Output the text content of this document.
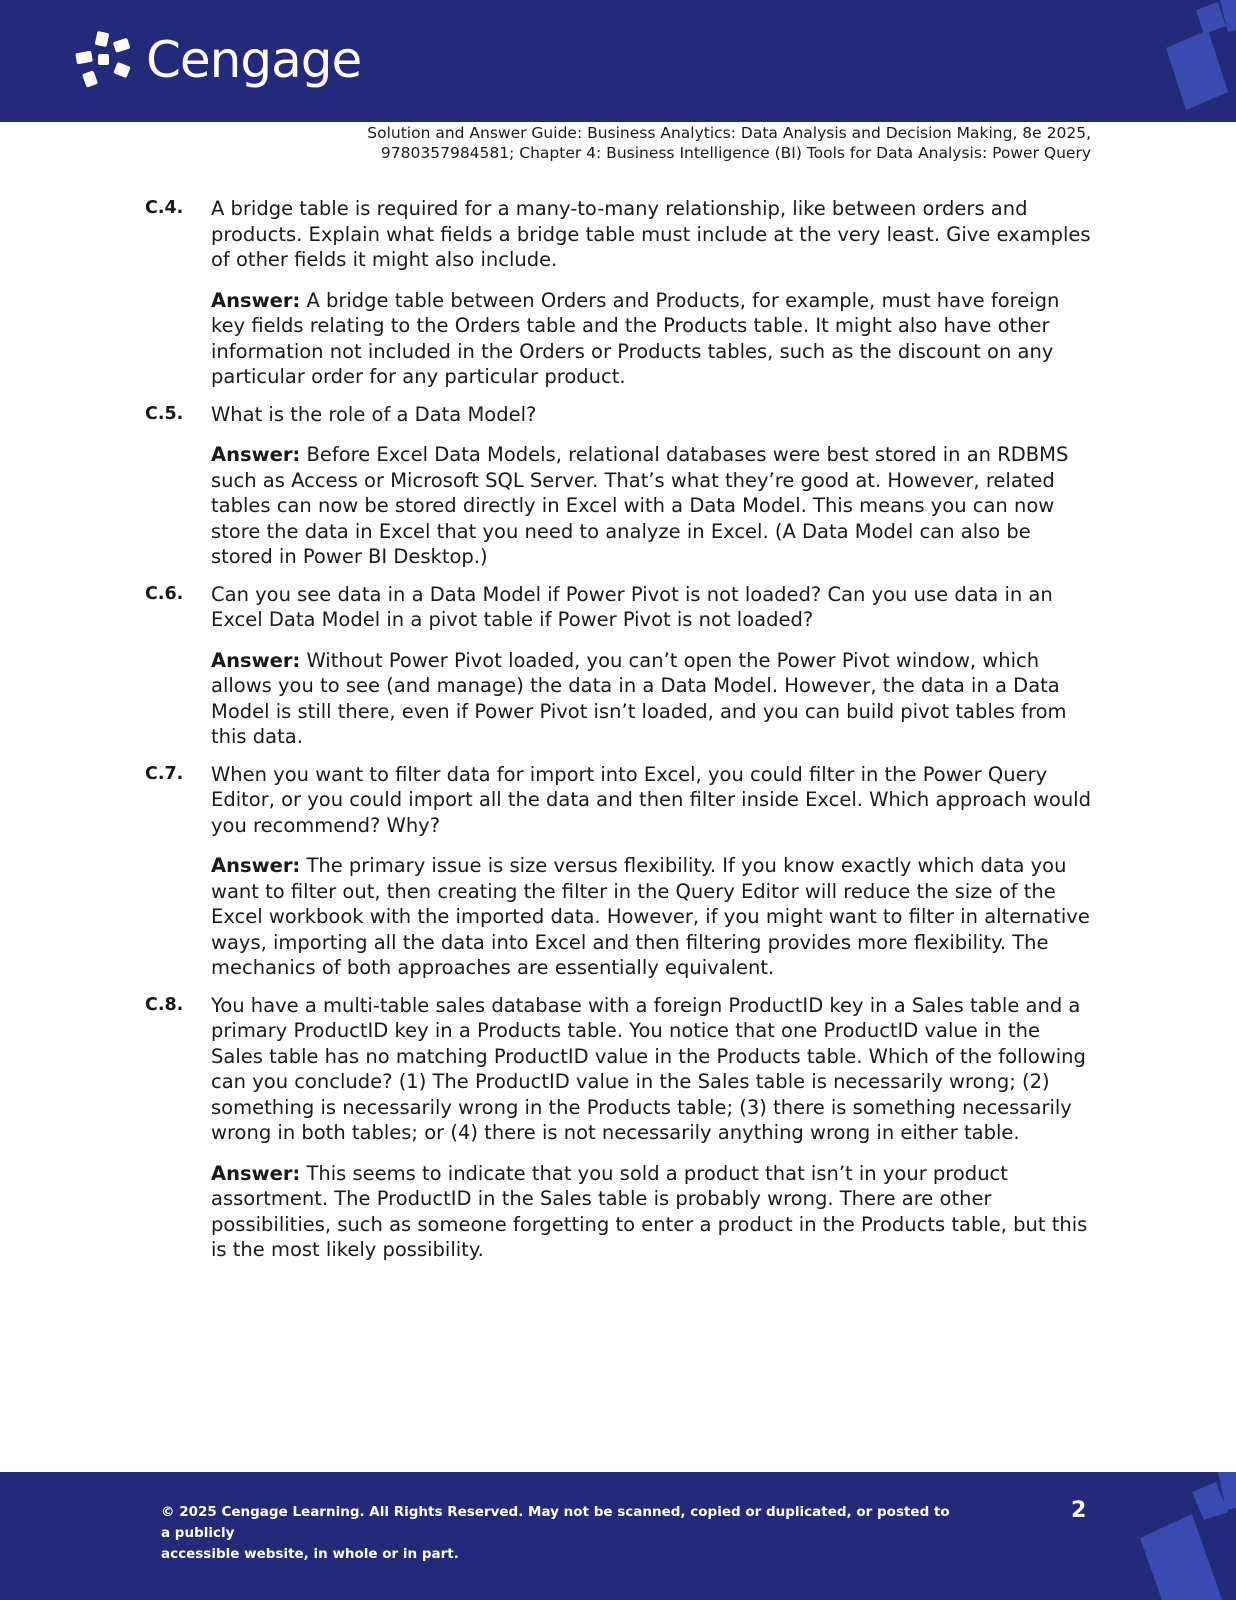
Cengage
Solution and Answer Guide: Business Analytics: Data Analysis and Decision Making, 8e 2025,
9780357984581; Chapter 4: Business Intelligence (BI) Tools for Data Analysis: Power Query
C.4.	A bridge table is required for a many-to-many relationship, like between orders and products. Explain what fields a bridge table must include at the very least. Give examples of other fields it might also include.
Answer: A bridge table between Orders and Products, for example, must have foreign key fields relating to the Orders table and the Products table. It might also have other information not included in the Orders or Products tables, such as the discount on any particular order for any particular product.
C.5.	What is the role of a Data Model?
Answer: Before Excel Data Models, relational databases were best stored in an RDBMS such as Access or Microsoft SQL Server. That’s what they’re good at. However, related tables can now be stored directly in Excel with a Data Model. This means you can now store the data in Excel that you need to analyze in Excel. (A Data Model can also be stored in Power BI Desktop.)
C.6.	Can you see data in a Data Model if Power Pivot is not loaded? Can you use data in an Excel Data Model in a pivot table if Power Pivot is not loaded?
Answer: Without Power Pivot loaded, you can’t open the Power Pivot window, which allows you to see (and manage) the data in a Data Model. However, the data in a Data Model is still there, even if Power Pivot isn’t loaded, and you can build pivot tables from this data.
C.7.	When you want to filter data for import into Excel, you could filter in the Power Query Editor, or you could import all the data and then filter inside Excel. Which approach would you recommend? Why?
Answer: The primary issue is size versus flexibility. If you know exactly which data you want to filter out, then creating the filter in the Query Editor will reduce the size of the Excel workbook with the imported data. However, if you might want to filter in alternative ways, importing all the data into Excel and then filtering provides more flexibility. The mechanics of both approaches are essentially equivalent.
C.8.	You have a multi-table sales database with a foreign ProductID key in a Sales table and a primary ProductID key in a Products table. You notice that one ProductID value in the Sales table has no matching ProductID value in the Products table. Which of the following can you conclude? (1) The ProductID value in the Sales table is necessarily wrong; (2) something is necessarily wrong in the Products table; (3) there is something necessarily wrong in both tables; or (4) there is not necessarily anything wrong in either table.
Answer: This seems to indicate that you sold a product that isn’t in your product assortment. The ProductID in the Sales table is probably wrong. There are other possibilities, such as someone forgetting to enter a product in the Products table, but this is the most likely possibility.
© 2025 Cengage Learning. All Rights Reserved. May not be scanned, copied or duplicated, or posted to a publicly
accessible website, in whole or in part.
2
